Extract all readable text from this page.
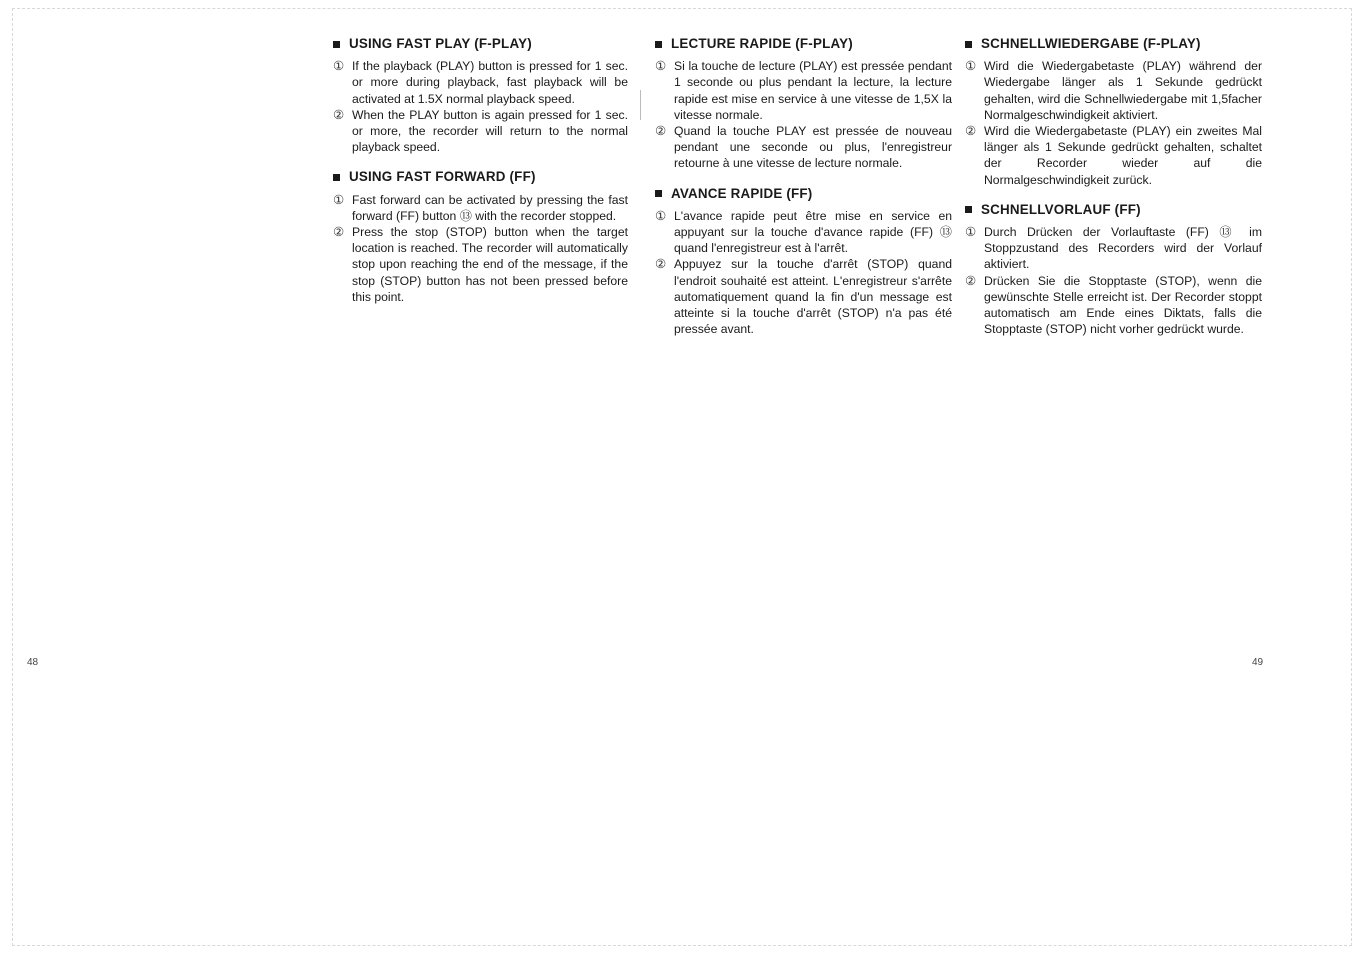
USING FAST PLAY (F-PLAY)
① If the playback (PLAY) button is pressed for 1 sec. or more during playback, fast playback will be activated at 1.5X normal playback speed.
② When the PLAY button is again pressed for 1 sec. or more, the recorder will return to the normal playback speed.
USING FAST FORWARD (FF)
① Fast forward can be activated by pressing the fast forward (FF) button ⑬ with the recorder stopped.
② Press the stop (STOP) button when the target location is reached. The recorder will automatically stop upon reaching the end of the message, if the stop (STOP) button has not been pressed before this point.
LECTURE RAPIDE (F-PLAY)
① Si la touche de lecture (PLAY) est pressée pendant 1 seconde ou plus pendant la lecture, la lecture rapide est mise en service à une vitesse de 1,5X la vitesse normale.
② Quand la touche PLAY est pressée de nouveau pendant une seconde ou plus, l'enregistreur retourne à une vitesse de lecture normale.
AVANCE RAPIDE (FF)
① L'avance rapide peut être mise en service en appuyant sur la touche d'avance rapide (FF) ⑬ quand l'enregistreur est à l'arrêt.
② Appuyez sur la touche d'arrêt (STOP) quand l'endroit souhaité est atteint. L'enregistreur s'arrête automatiquement quand la fin d'un message est atteinte si la touche d'arrêt (STOP) n'a pas été pressée avant.
SCHNELLWIEDERGABE (F-PLAY)
① Wird die Wiedergabetaste (PLAY) während der Wiedergabe länger als 1 Sekunde gedrückt gehalten, wird die Schnellwiedergabe mit 1,5facher Normalgeschwindigkeit aktiviert.
② Wird die Wiedergabetaste (PLAY) ein zweites Mal länger als 1 Sekunde gedrückt gehalten, schaltet der Recorder wieder auf die Normalgeschwindigkeit zurück.
SCHNELLVORLAUF (FF)
① Durch Drücken der Vorlauftaste (FF) ⑬ im Stoppzustand des Recorders wird der Vorlauf aktiviert.
② Drücken Sie die Stopptaste (STOP), wenn die gewünschte Stelle erreicht ist. Der Recorder stoppt automatisch am Ende eines Diktats, falls die Stopptaste (STOP) nicht vorher gedrückt wurde.
48	49
